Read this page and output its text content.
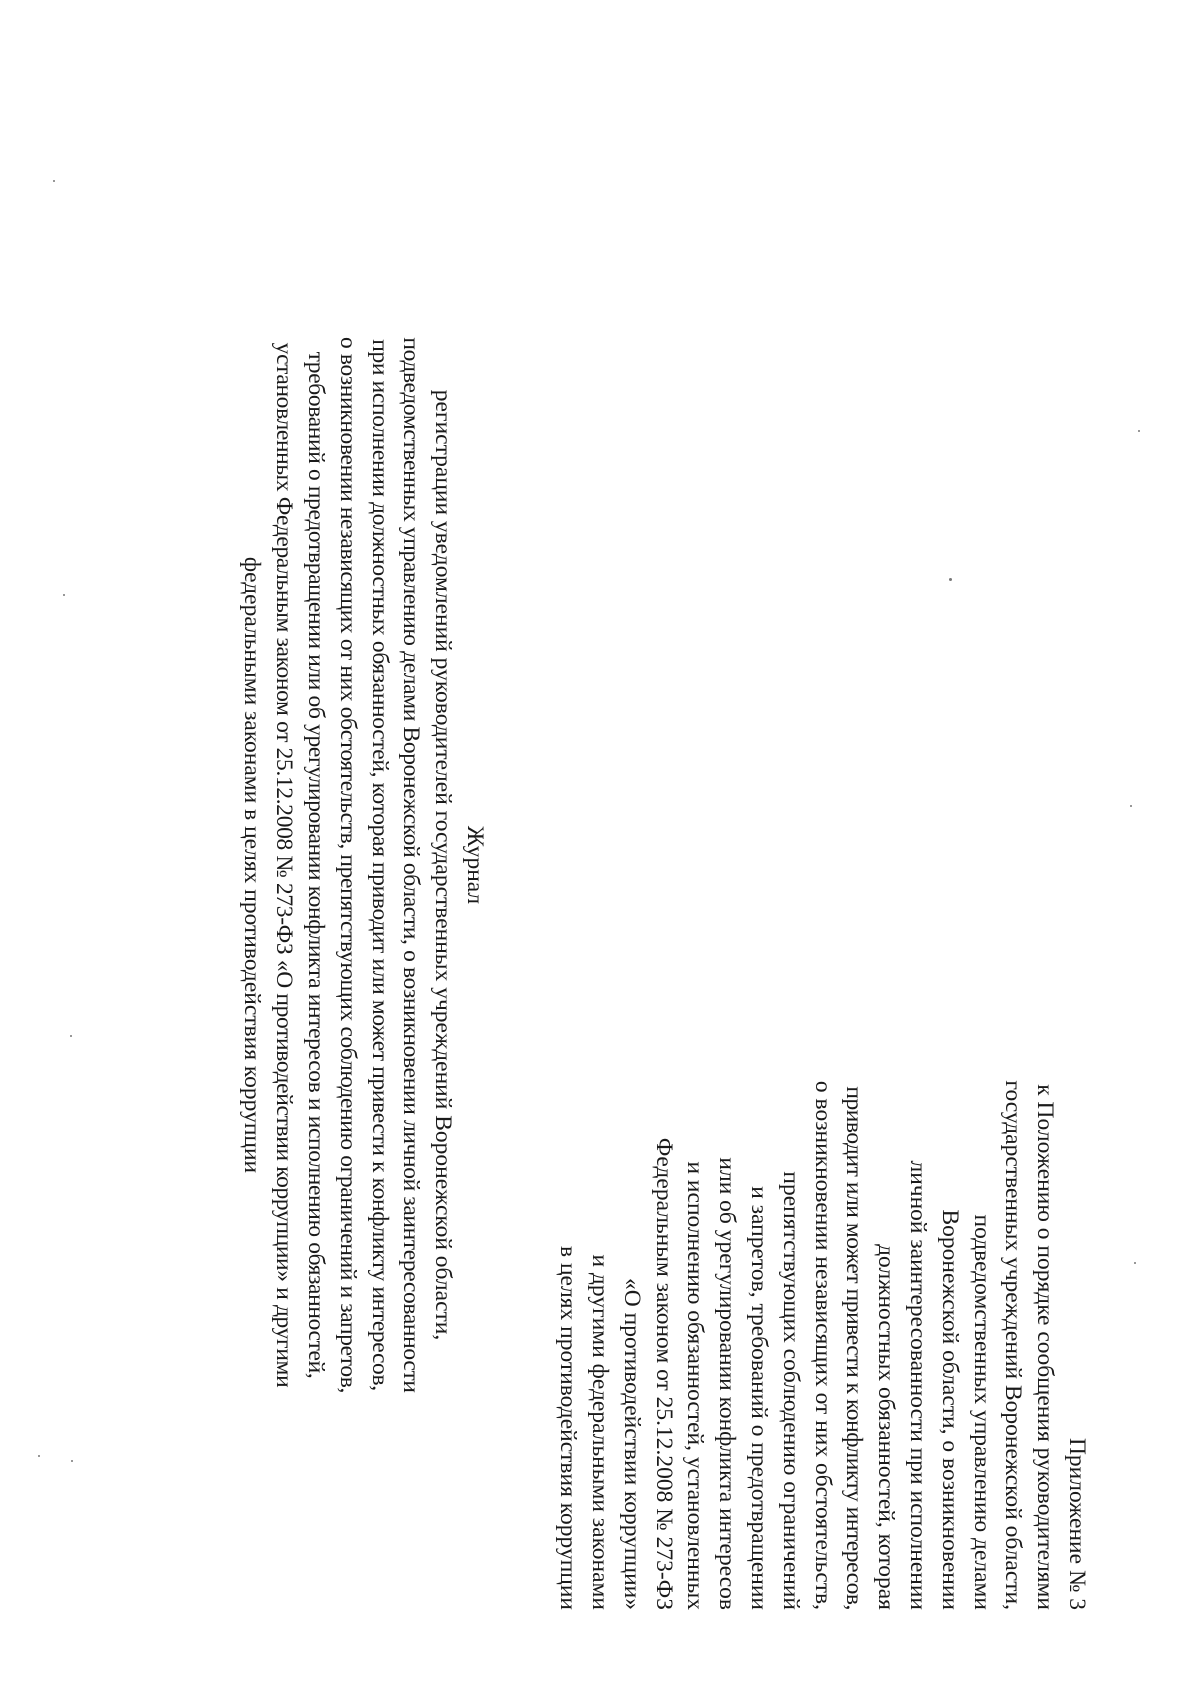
Приложение № 3
к Положению о порядке сообщения руководителями
государственных учреждений Воронежской области,
подведомственных управлению делами
Воронежской области, о возникновении
личной заинтересованности при исполнении
должностных обязанностей, которая
приводит или может привести к конфликту интересов,
о возникновении независящих от них обстоятельств,
препятствующих соблюдению ограничений
и запретов, требований о предотвращении
или об урегулировании конфликта интересов
и исполнению обязанностей, установленных
Федеральным законом от 25.12.2008 № 273-ФЗ
«О противодействии коррупции»
и другими федеральными законами
в целях противодействия коррупции
Журнал
регистрации уведомлений руководителей государственных учреждений Воронежской области,
подведомственных управлению делами Воронежской области, о возникновении личной заинтересованности
при исполнении должностных обязанностей, которая приводит или может привести к конфликту интересов,
о возникновении независящих от них обстоятельств, препятствующих соблюдению ограничений и запретов,
требований о предотвращении или об урегулировании конфликта интересов и исполнению обязанностей,
установленных Федеральным законом от 25.12.2008 № 273-ФЗ «О противодействии коррупции» и другими
федеральными законами в целях противодействия коррупции
